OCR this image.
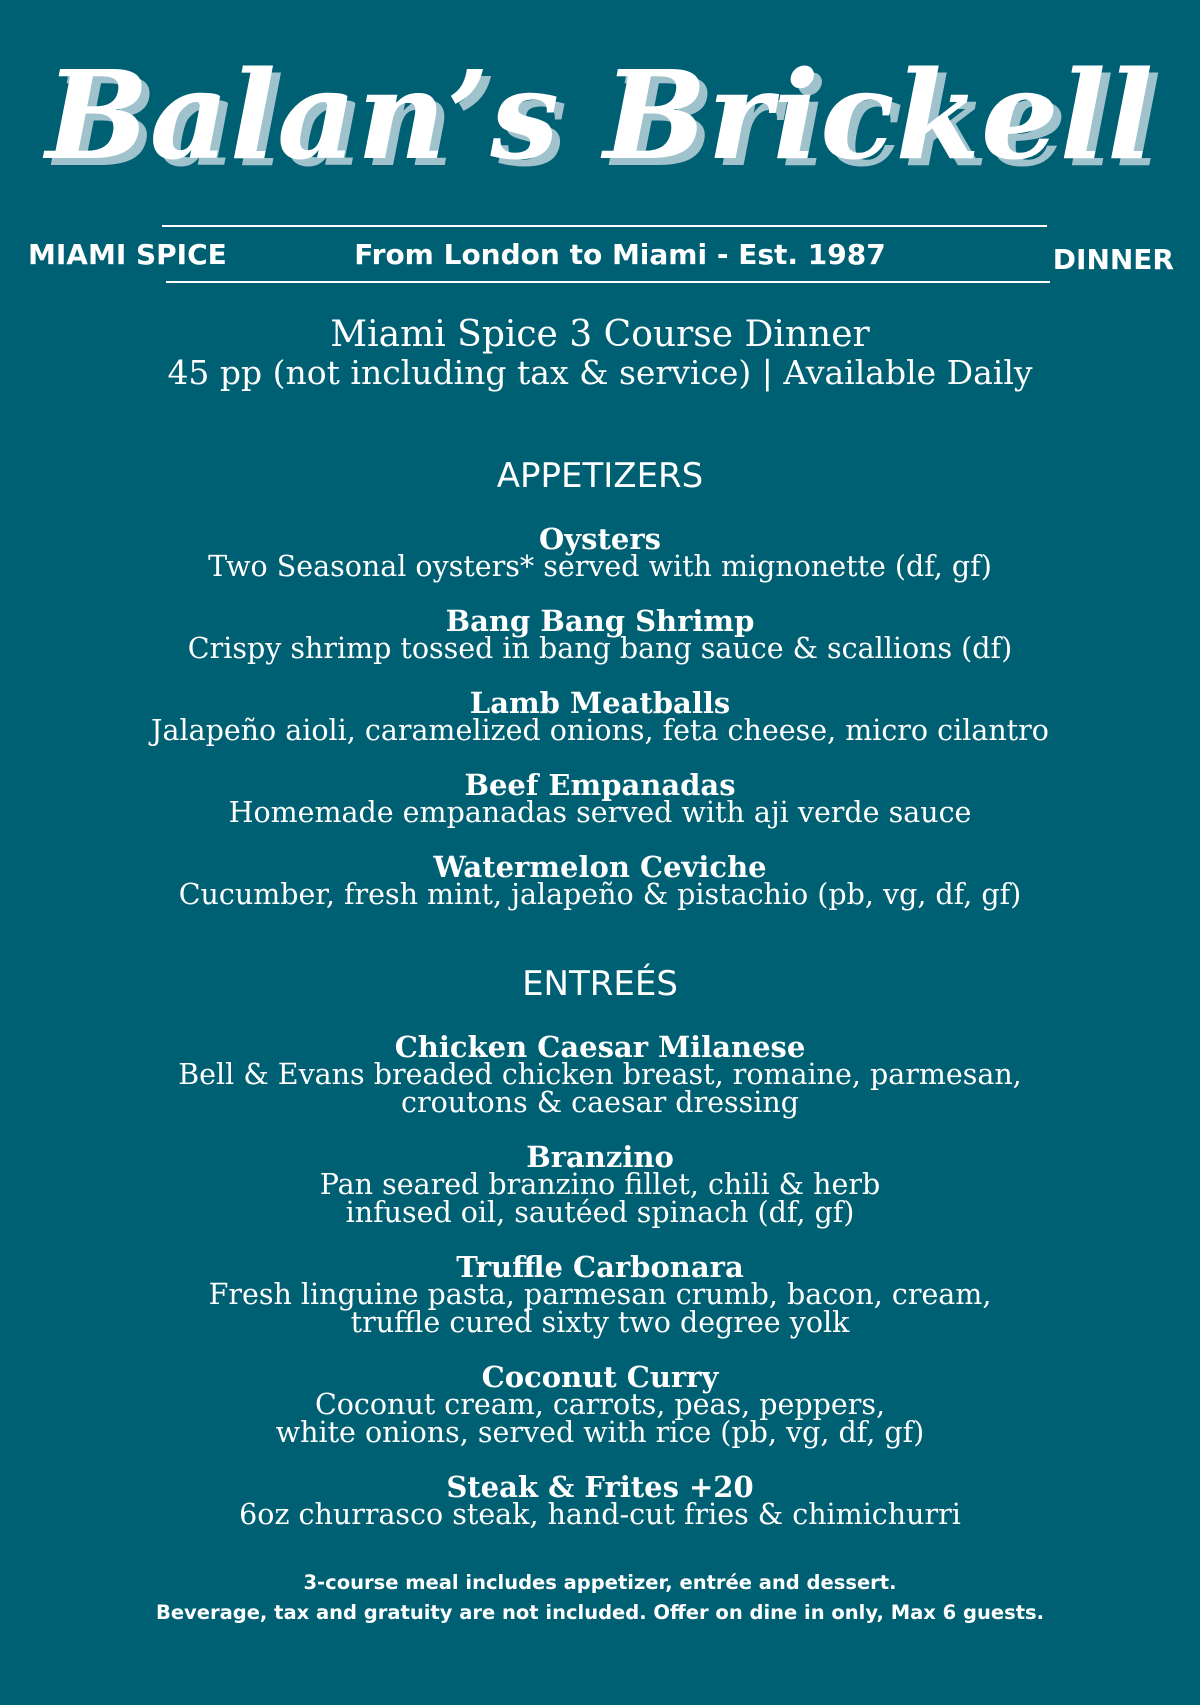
Balan’s Brickell
MIAMI SPICE	From London to Miami - Est. 1987	DINNER
Miami Spice 3 Course Dinner
45 pp (not including tax & service) | Available Daily
APPETIZERS
Oysters
Two Seasonal oysters* served with mignonette (df, gf)
Bang Bang Shrimp
Crispy shrimp tossed in bang bang sauce & scallions (df)
Lamb Meatballs
Jalapeño aioli, caramelized onions, feta cheese, micro cilantro
Beef Empanadas
Homemade empanadas served with aji verde sauce
Watermelon Ceviche
Cucumber, fresh mint, jalapeño & pistachio (pb, vg, df, gf)
ENTREÉS
Chicken Caesar Milanese
Bell & Evans breaded chicken breast, romaine, parmesan,
croutons & caesar dressing
Branzino
Pan seared branzino fillet, chili & herb
infused oil, sautéed spinach (df, gf)
Truffle Carbonara
Fresh linguine pasta, parmesan crumb, bacon, cream,
truffle cured sixty two degree yolk
Coconut Curry
Coconut cream, carrots, peas, peppers,
white onions, served with rice (pb, vg, df, gf)
Steak & Frites +20
6oz churrasco steak, hand-cut fries & chimichurri
3-course meal includes appetizer, entrée and dessert.
Beverage, tax and gratuity are not included. Offer on dine in only, Max 6 guests.
